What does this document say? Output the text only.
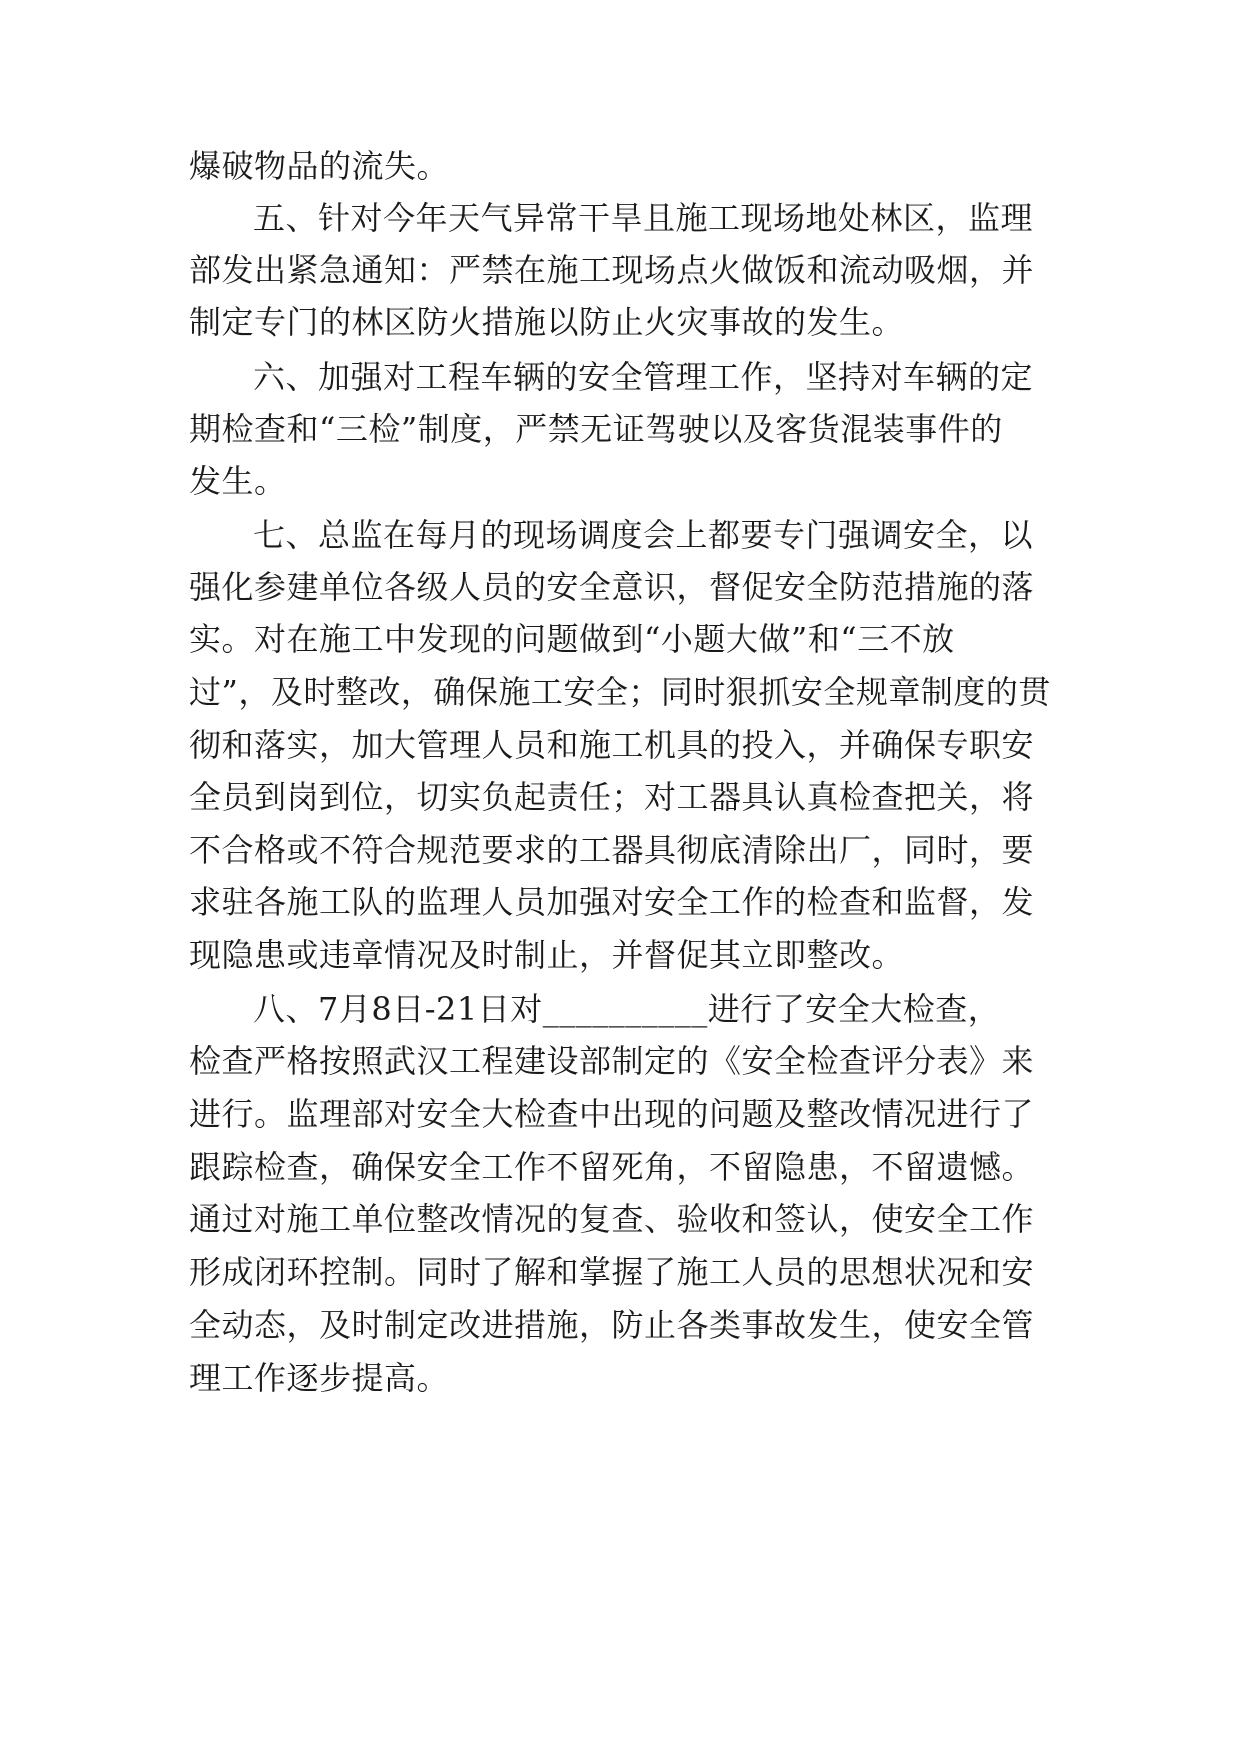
爆破物品的流失。
五、针对今年天气异常干旱且施工现场地处林区，监理
部发出紧急通知：严禁在施工现场点火做饭和流动吸烟，并
制定专门的林区防火措施以防止火灾事故的发生。
六、加强对工程车辆的安全管理工作，坚持对车辆的定
期检查和“三检”制度，严禁无证驾驶以及客货混装事件的
发生。
七、总监在每月的现场调度会上都要专门强调安全，以
强化参建单位各级人员的安全意识，督促安全防范措施的落
实。对在施工中发现的问题做到“小题大做”和“三不放
过”，及时整改，确保施工安全；同时狠抓安全规章制度的贯
彻和落实，加大管理人员和施工机具的投入，并确保专职安
全员到岗到位，切实负起责任；对工器具认真检查把关，将
不合格或不符合规范要求的工器具彻底清除出厂，同时，要
求驻各施工队的监理人员加强对安全工作的检查和监督，发
现隐患或违章情况及时制止，并督促其立即整改。
八、7月8日-21日对__________进行了安全大检查，
检查严格按照武汉工程建设部制定的《安全检查评分表》来
进行。监理部对安全大检查中出现的问题及整改情况进行了
跟踪检查，确保安全工作不留死角，不留隐患，不留遗憾。
通过对施工单位整改情况的复查、验收和签认，使安全工作
形成闭环控制。同时了解和掌握了施工人员的思想状况和安
全动态，及时制定改进措施，防止各类事故发生，使安全管
理工作逐步提高。
